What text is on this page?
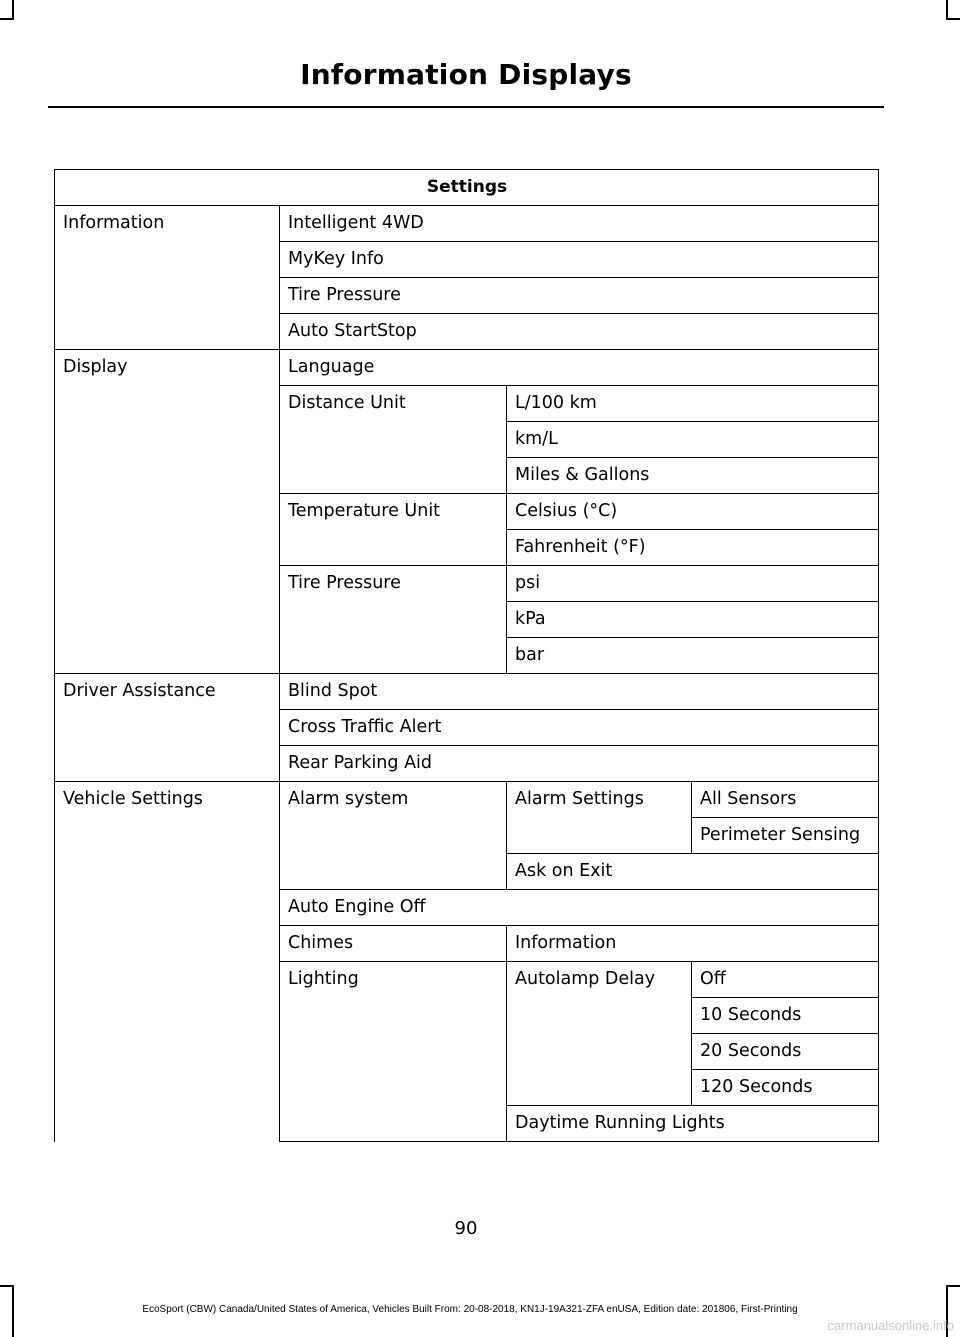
Information Displays
Settings			
Information	Intelligent 4WD		
	MyKey Info		
	Tire Pressure		
	Auto StartStop		
Display	Language		
	Distance Unit	L/100 km	
		km/L	
		Miles & Gallons	
	Temperature Unit	Celsius (°C)	
		Fahrenheit (°F)	
	Tire Pressure	psi	
		kPa	
		bar	
Driver Assistance	Blind Spot		
	Cross Traffic Alert		
	Rear Parking Aid		
Vehicle Settings	Alarm system	Alarm Settings	All Sensors
			Perimeter Sensing
		Ask on Exit	
	Auto Engine Off		
	Chimes	Information	
	Lighting	Autolamp Delay	Off
			10 Seconds
			20 Seconds
			120 Seconds
		Daytime Running Lights	
90
EcoSport (CBW) Canada/United States of America, Vehicles Built From: 20-08-2018, KN1J-19A321-ZFA enUSA, Edition date: 201806, First-Printing
carmanualsonline.info
